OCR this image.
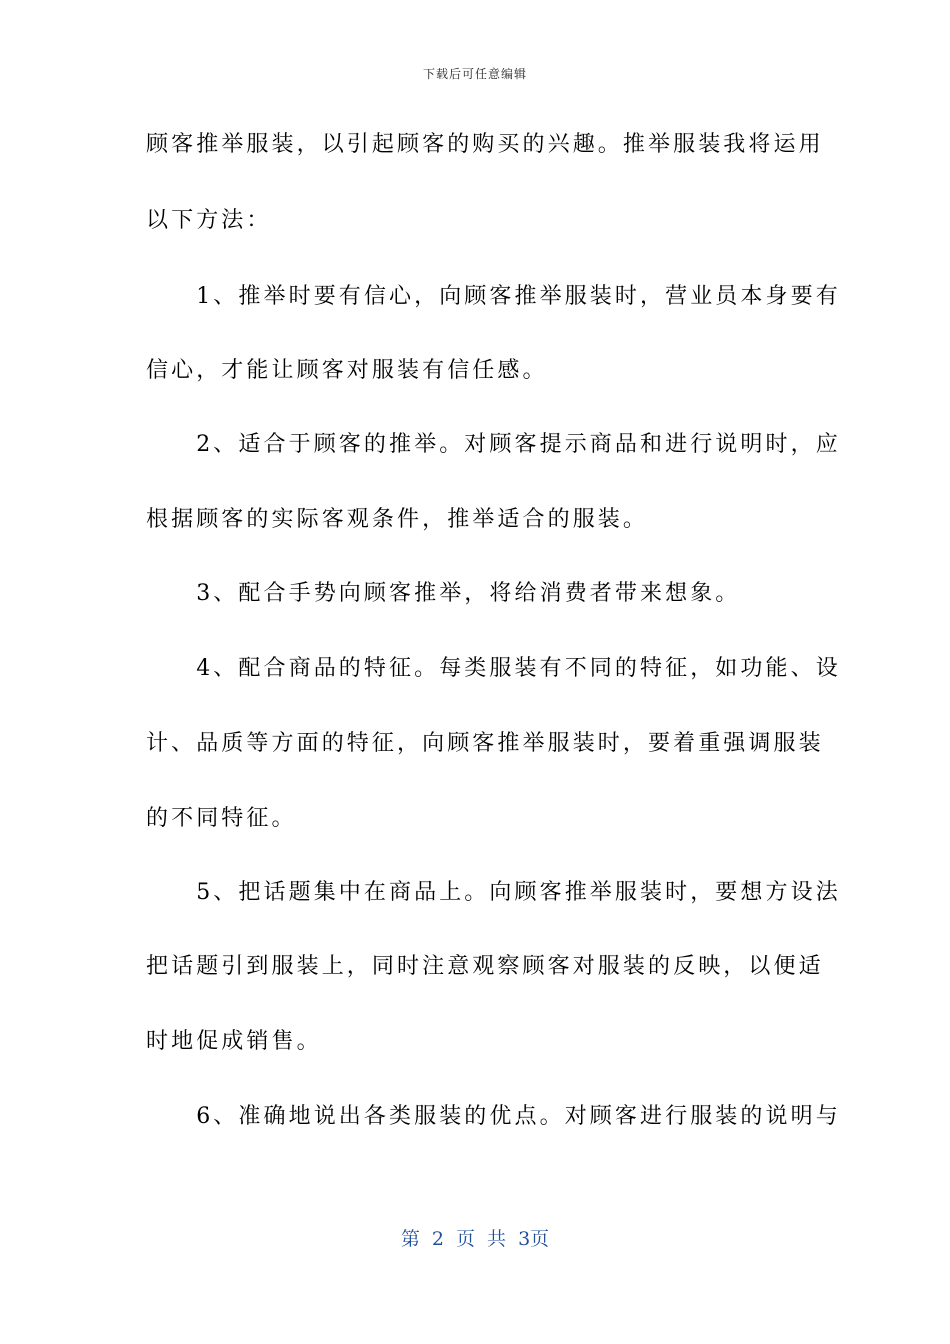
下载后可任意编辑
顾客推举服装，以引起顾客的购买的兴趣。推举服装我将运用
以下方法：
　　1、推举时要有信心，向顾客推举服装时，营业员本身要有
信心，才能让顾客对服装有信任感。
　　2、适合于顾客的推举。对顾客提示商品和进行说明时，应
根据顾客的实际客观条件，推举适合的服装。
　　3、配合手势向顾客推举，将给消费者带来想象。
　　4、配合商品的特征。每类服装有不同的特征，如功能、设
计、品质等方面的特征，向顾客推举服装时，要着重强调服装
的不同特征。
　　5、把话题集中在商品上。向顾客推举服装时，要想方设法
把话题引到服装上，同时注意观察顾客对服装的反映，以便适
时地促成销售。
　　6、准确地说出各类服装的优点。对顾客进行服装的说明与
第 2 页 共 3页
